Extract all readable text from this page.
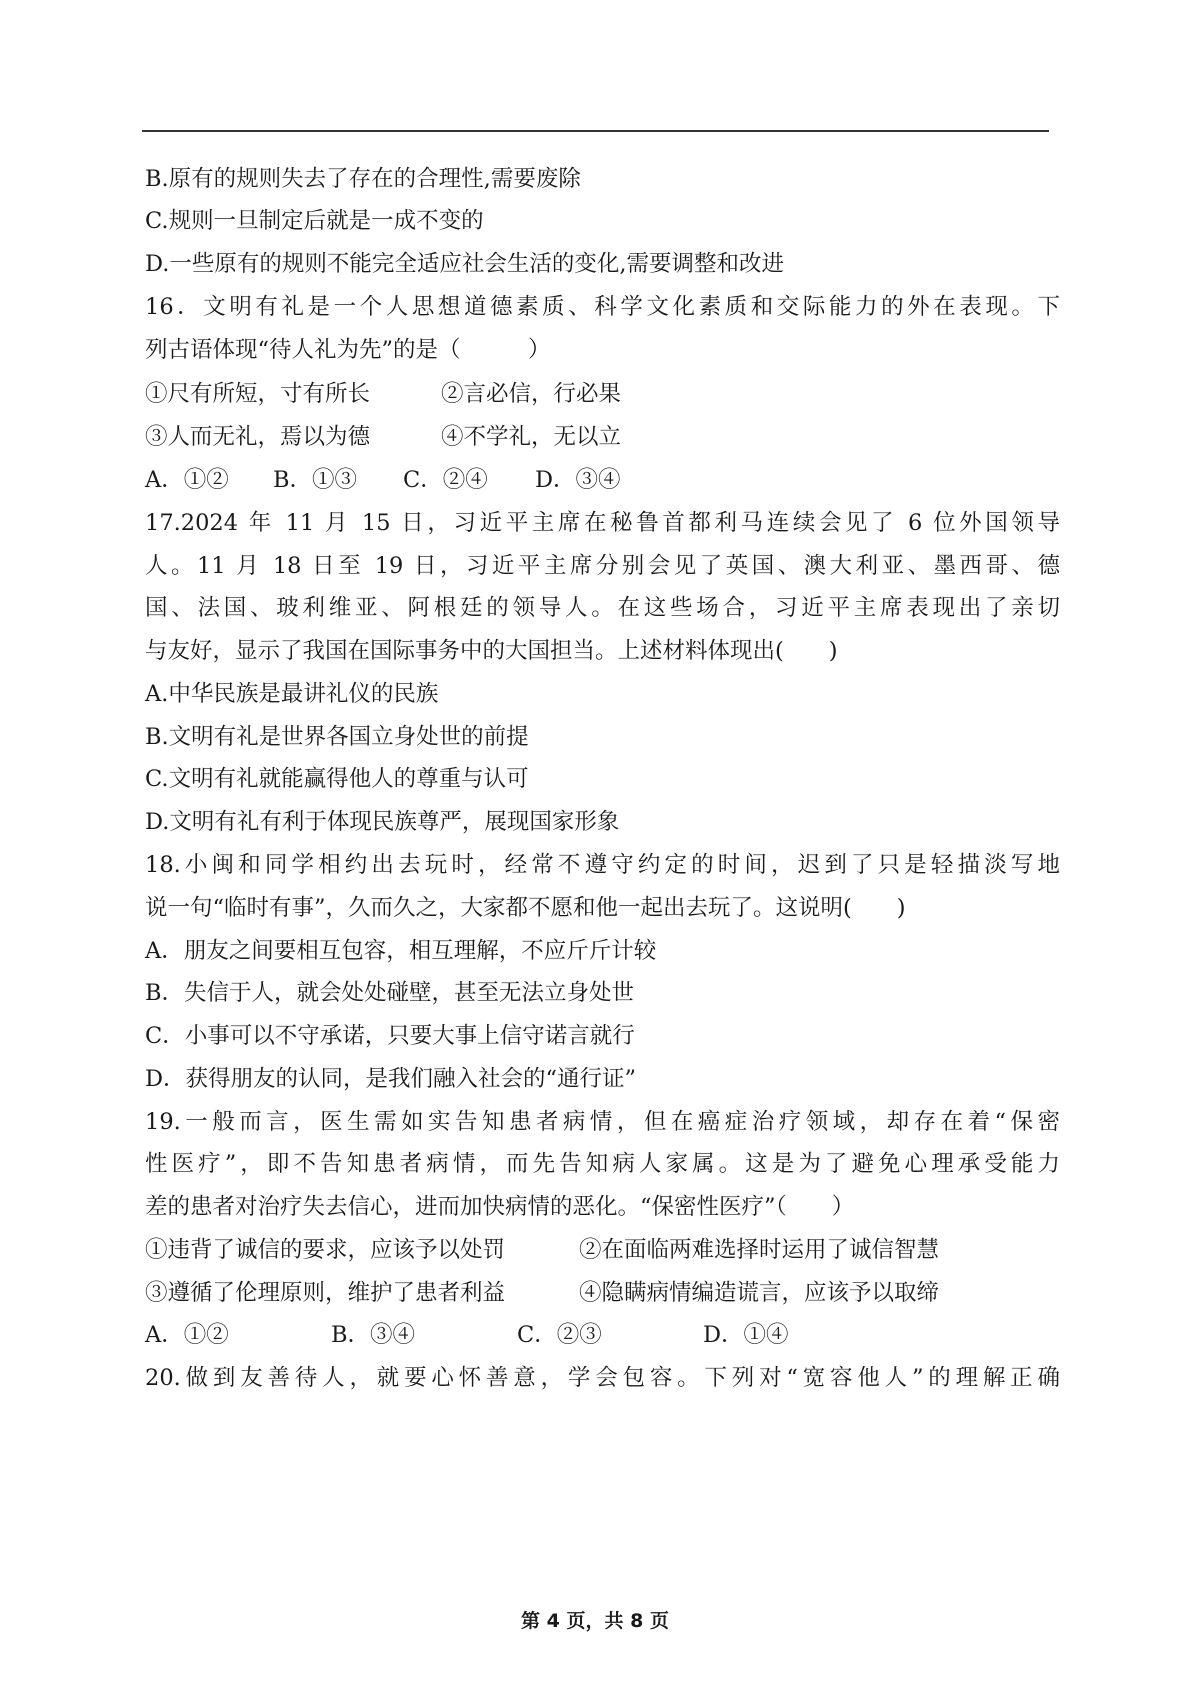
B.原有的规则失去了存在的合理性,需要废除
C.规则一旦制定后就是一成不变的
D.一些原有的规则不能完全适应社会生活的变化,需要调整和改进
16．文明有礼是一个人思想道德素质、科学文化素质和交际能力的外在表现。下
列古语体现“待人礼为先”的是（　　　）
①尺有所短，寸有所长	②言必信，行必果
③人而无礼，焉以为德	④不学礼，无以立
A．①② B．①③ C．②④ D．③④
17.2024 年 11 月 15 日，习近平主席在秘鲁首都利马连续会见了 6 位外国领导
人。11 月 18 日至 19 日，习近平主席分别会见了英国、澳大利亚、墨西哥、德
国、法国、玻利维亚、阿根廷的领导人。在这些场合，习近平主席表现出了亲切
与友好，显示了我国在国际事务中的大国担当。上述材料体现出(　　)
A.中华民族是最讲礼仪的民族
B.文明有礼是世界各国立身处世的前提
C.文明有礼就能赢得他人的尊重与认可
D.文明有礼有利于体现民族尊严，展现国家形象
18.小闽和同学相约出去玩时，经常不遵守约定的时间，迟到了只是轻描淡写地
说一句“临时有事”，久而久之，大家都不愿和他一起出去玩了。这说明(　　)
A．朋友之间要相互包容，相互理解，不应斤斤计较
B．失信于人，就会处处碰壁，甚至无法立身处世
C．小事可以不守承诺，只要大事上信守诺言就行
D．获得朋友的认同，是我们融入社会的“通行证”
19.一般而言，医生需如实告知患者病情，但在癌症治疗领域，却存在着“保密
性医疗”，即不告知患者病情，而先告知病人家属。这是为了避免心理承受能力
差的患者对治疗失去信心，进而加快病情的恶化。“保密性医疗”（　　）
①违背了诚信的要求，应该予以处罚	②在面临两难选择时运用了诚信智慧
③遵循了伦理原则，维护了患者利益	④隐瞒病情编造谎言，应该予以取缔
A．①②	B．③④	C．②③	D．①④
20.做到友善待人，就要心怀善意，学会包容。下列对“宽容他人”的理解正确
第 4 页，共 8 页
